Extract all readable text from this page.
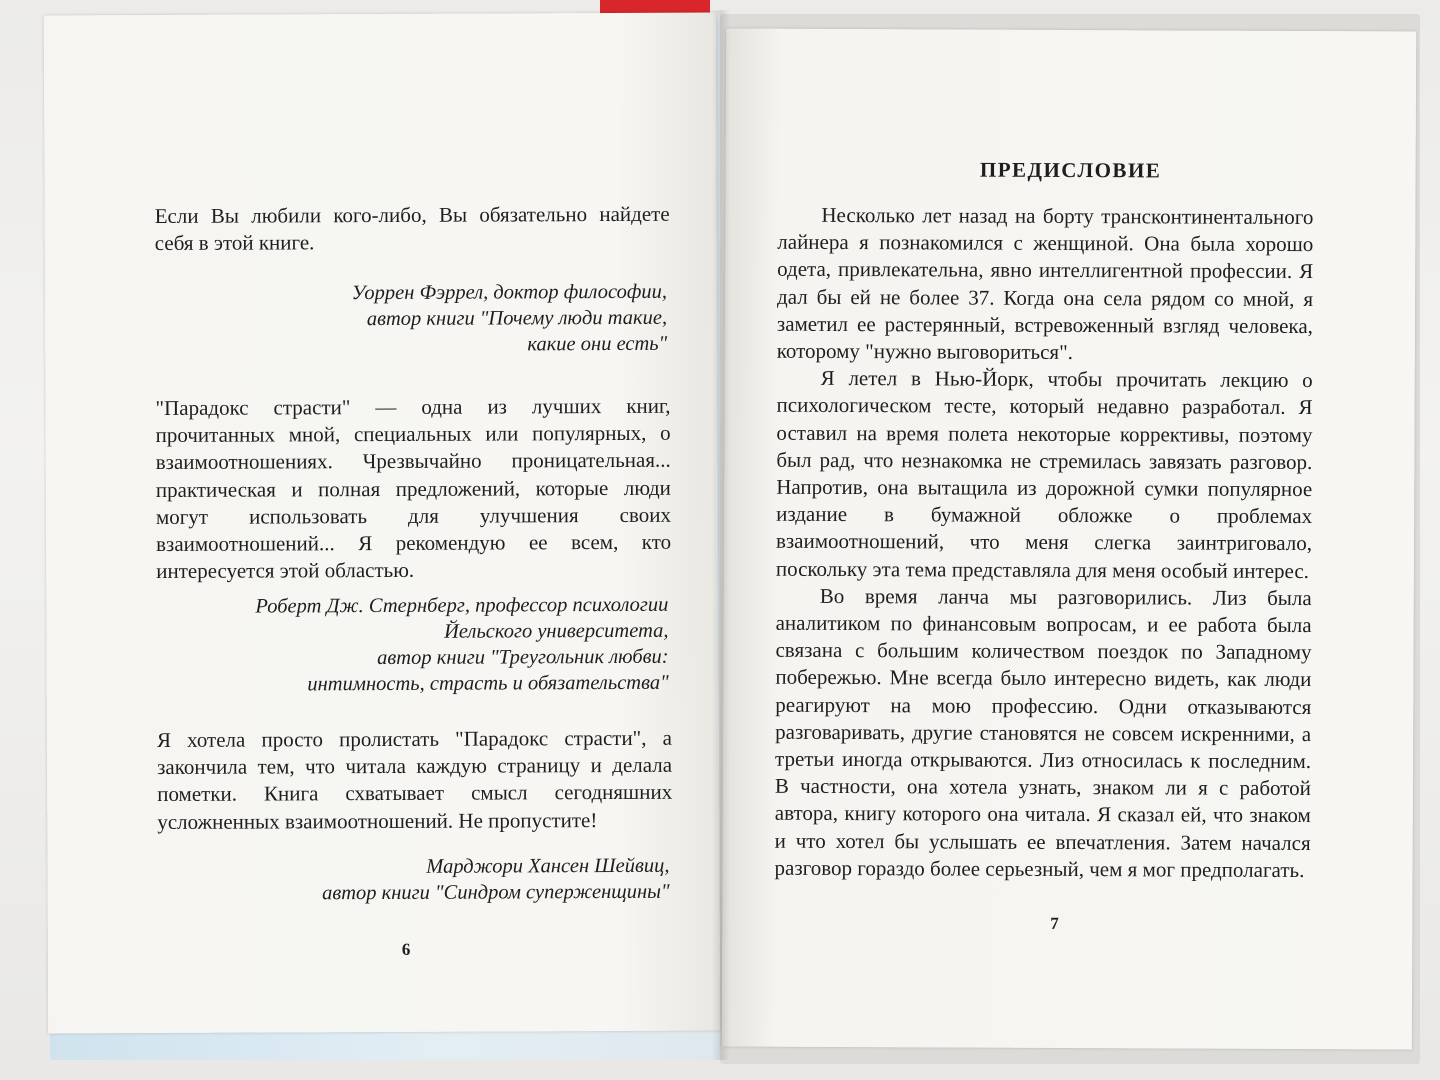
Если Вы любили кого-либо, Вы обязательно найдете себя в этой книге.
Уоррен Фэррел, доктор философии,
автор книги "Почему люди такие,
какие они есть"
"Парадокс страсти" — одна из лучших книг, прочитанных мной, специальных или популярных, о взаимоотношениях. Чрезвычайно проницательная... практическая и полная предложений, которые люди могут использовать для улучшения своих взаимоотношений... Я рекомендую ее всем, кто интересуется этой областью.
Роберт Дж. Стернберг, профессор психологии
Йельского университета,
автор книги "Треугольник любви:
интимность, страсть и обязательства"
Я хотела просто пролистать "Парадокс страсти", а закончила тем, что читала каждую страницу и делала пометки. Книга схватывает смысл сегодняшних усложненных взаимоотношений. Не пропустите!
Марджори Хансен Шейвиц,
автор книги "Синдром суперженщины"
6
ПРЕДИСЛОВИЕ

Несколько лет назад на борту трансконтинентального лайнера я познакомился с женщиной. Она была хорошо одета, привлекательна, явно интеллигентной профессии. Я дал бы ей не более 37. Когда она села рядом со мной, я заметил ее растерянный, встревоженный взгляд человека, которому "нужно выговориться".

Я летел в Нью-Йорк, чтобы прочитать лекцию о психологическом тесте, который недавно разработал. Я оставил на время полета некоторые коррективы, поэтому был рад, что незнакомка не стремилась завязать разговор. Напротив, она вытащила из дорожной сумки популярное издание в бумажной обложке о проблемах взаимоотношений, что меня слегка заинтриговало, поскольку эта тема представляла для меня особый интерес.

Во время ланча мы разговорились. Лиз была аналитиком по финансовым вопросам, и ее работа была связана с большим количеством поездок по Западному побережью. Мне всегда было интересно видеть, как люди реагируют на мою профессию. Одни отказываются разговаривать, другие становятся не совсем искренними, а третьи иногда открываются. Лиз относилась к последним. В частности, она хотела узнать, знаком ли я с работой автора, книгу которого она читала. Я сказал ей, что знаком и что хотел бы услышать ее впечатления. Затем начался разговор гораздо более серьезный, чем я мог предполагать.

7
